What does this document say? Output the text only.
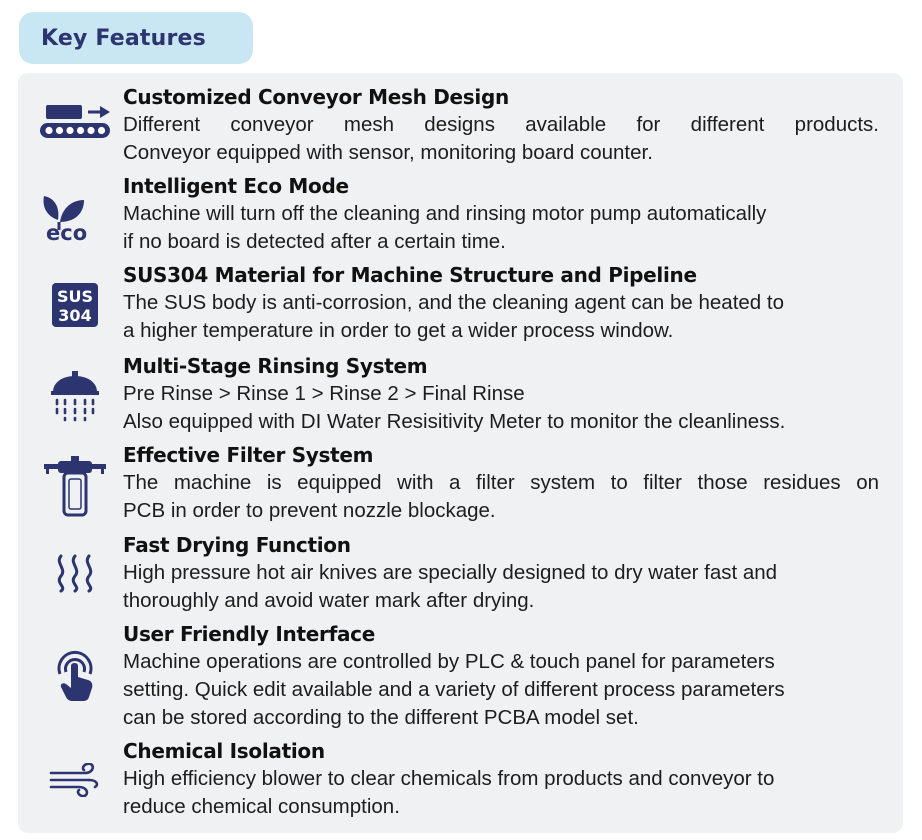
Key Features
Customized Conveyor Mesh Design
Different conveyor mesh designs available for different products.
Conveyor equipped with sensor, monitoring board counter.
eco
Intelligent Eco Mode
Machine will turn off the cleaning and rinsing motor pump automatically
if no board is detected after a certain time.
SUS
304
SUS304 Material for Machine Structure and Pipeline
The SUS body is anti-corrosion, and the cleaning agent can be heated to
a higher temperature in order to get a wider process window.
Multi-Stage Rinsing System
Pre Rinse > Rinse 1 > Rinse 2 > Final Rinse
Also equipped with DI Water Resisitivity Meter to monitor the cleanliness.
Effective Filter System
The machine is equipped with a filter system to filter those residues on
PCB in order to prevent nozzle blockage.
Fast Drying Function
High pressure hot air knives are specially designed to dry water fast and
thoroughly and avoid water mark after drying.
User Friendly Interface
Machine operations are controlled by PLC & touch panel for parameters
setting. Quick edit available and a variety of different process parameters
can be stored according to the different PCBA model set.
Chemical Isolation
High efficiency blower to clear chemicals from products and conveyor to
reduce chemical consumption.
